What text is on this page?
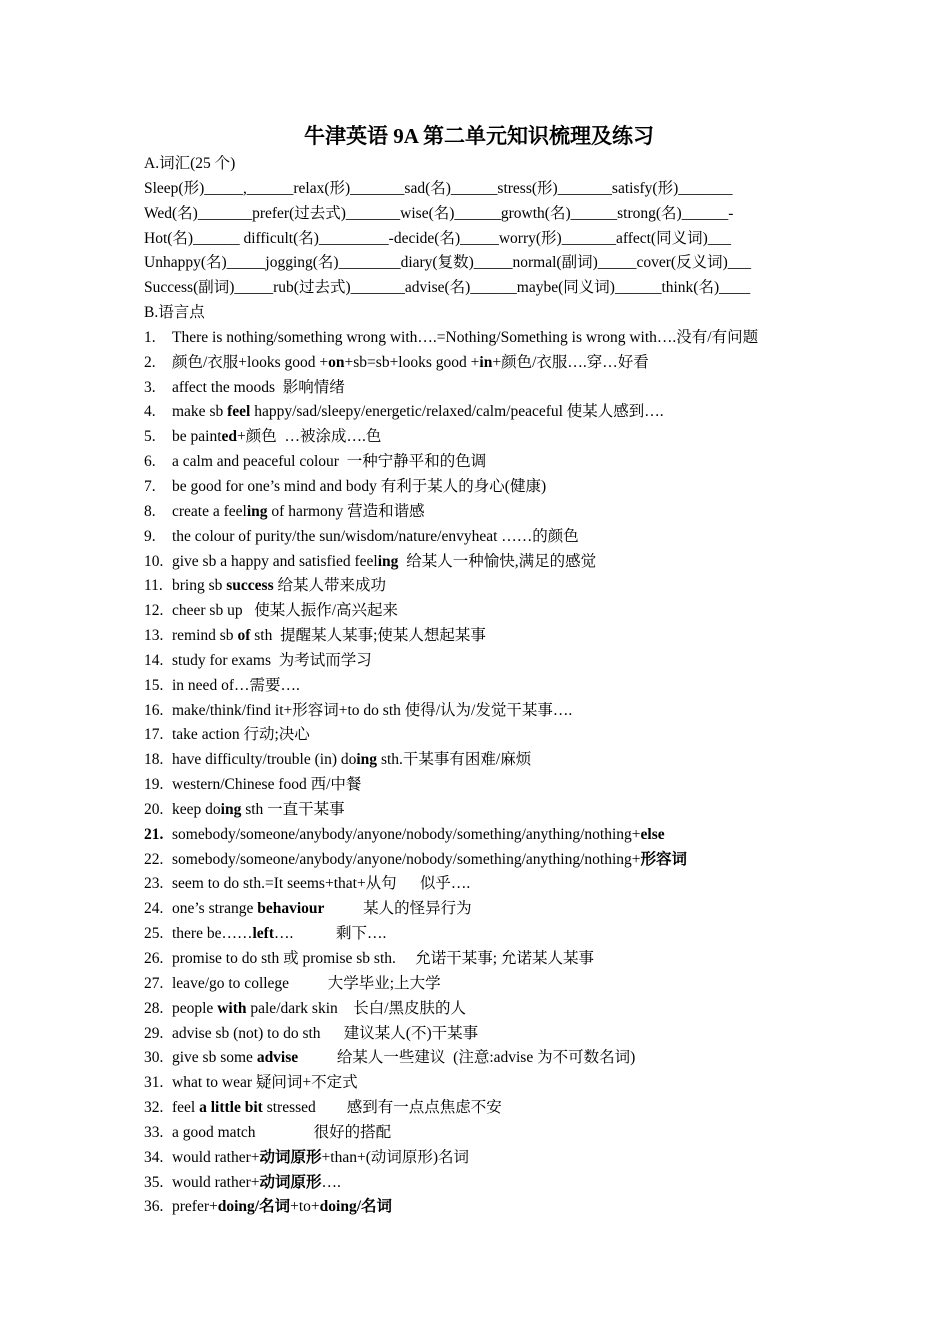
牛津英语 9A 第二单元知识梳理及练习
A.词汇(25 个)
Sleep(形)_____,______relax(形)_______sad(名)______stress(形)_______satisfy(形)_______
Wed(名)_______prefer(过去式)_______wise(名)______growth(名)______strong(名)______-
Hot(名)______ difficult(名)_________-decide(名)_____worry(形)_______affect(同义词)___
Unhappy(名)_____jogging(名)________diary(复数)_____normal(副词)_____cover(反义词)___
Success(副词)_____rub(过去式)_______advise(名)______maybe(同义词)______think(名)____
B.语言点
1.	There is nothing/something wrong with….=Nothing/Something is wrong with….没有/有问题
2.	颜色/衣服+looks good +on+sb=sb+looks good +in+颜色/衣服….穿…好看
3.	affect the moods  影响情绪
4.	make sb feel happy/sad/sleepy/energetic/relaxed/calm/peaceful 使某人感到….
5.	be painted+颜色  …被涂成….色
6.	a calm and peaceful colour  一种宁静平和的色调
7.	be good for one’s mind and body 有利于某人的身心(健康)
8.	create a feeling of harmony 营造和谐感
9.	the colour of purity/the sun/wisdom/nature/envyheat ……的颜色
10. give sb a happy and satisfied feeling  给某人一种愉快,满足的感觉
11. bring sb success 给某人带来成功
12. cheer sb up   使某人振作/高兴起来
13. remind sb of sth  提醒某人某事;使某人想起某事
14. study for exams  为考试而学习
15. in need of…需要….
16. make/think/find it+形容词+to do sth 使得/认为/发觉干某事….
17. take action 行动;决心
18. have difficulty/trouble (in) doing sth.干某事有困难/麻烦
19. western/Chinese food 西/中餐
20. keep doing sth 一直干某事
21. somebody/someone/anybody/anyone/nobody/something/anything/nothing+else
22. somebody/someone/anybody/anyone/nobody/something/anything/nothing+形容词
23. seem to do sth.=It seems+that+从句      似乎….
24. one’s strange behaviour          某人的怪异行为
25. there be……left….           剩下….
26. promise to do sth 或 promise sb sth.     允诺干某事; 允诺某人某事
27. leave/go to college          大学毕业;上大学
28. people with pale/dark skin    长白/黑皮肤的人
29. advise sb (not) to do sth      建议某人(不)干某事
30. give sb some advise          给某人一些建议  (注意:advise 为不可数名词)
31. what to wear 疑问词+不定式
32. feel a little bit stressed        感到有一点点焦虑不安
33. a good match               很好的搭配
34. would rather+动词原形+than+(动词原形)名词
35. would rather+动词原形….
36. prefer+doing/名词+to+doing/名词
